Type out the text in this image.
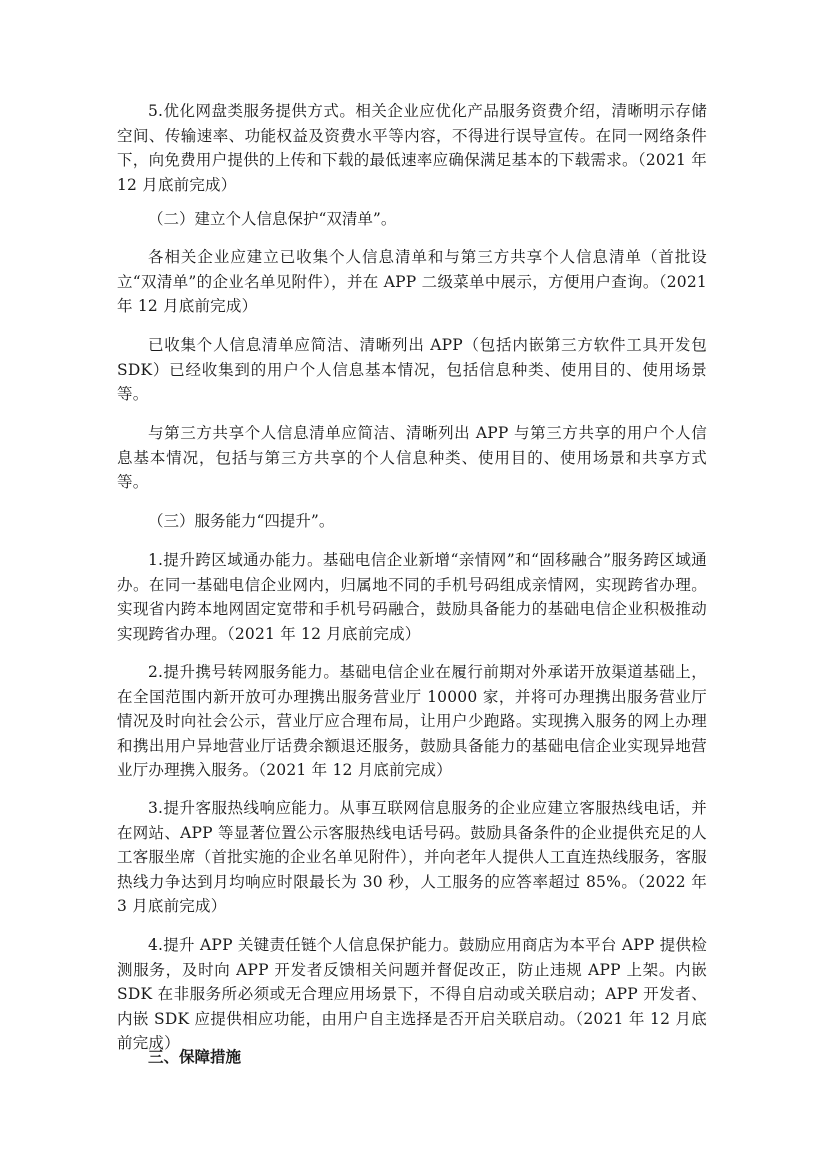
5.优化网盘类服务提供方式。相关企业应优化产品服务资费介绍，清晰明示存储空间、传输速率、功能权益及资费水平等内容，不得进行误导宣传。在同一网络条件下，向免费用户提供的上传和下载的最低速率应确保满足基本的下载需求。（2021 年 12 月底前完成）

（二）建立个人信息保护“双清单”。

各相关企业应建立已收集个人信息清单和与第三方共享个人信息清单（首批设立“双清单”的企业名单见附件），并在 APP 二级菜单中展示，方便用户查询。（2021 年 12 月底前完成）

已收集个人信息清单应简洁、清晰列出 APP（包括内嵌第三方软件工具开发包 SDK）已经收集到的用户个人信息基本情况，包括信息种类、使用目的、使用场景等。

与第三方共享个人信息清单应简洁、清晰列出 APP 与第三方共享的用户个人信息基本情况，包括与第三方共享的个人信息种类、使用目的、使用场景和共享方式等。

（三）服务能力“四提升”。

1.提升跨区域通办能力。基础电信企业新增“亲情网”和“固移融合”服务跨区域通办。在同一基础电信企业网内，归属地不同的手机号码组成亲情网，实现跨省办理。实现省内跨本地网固定宽带和手机号码融合，鼓励具备能力的基础电信企业积极推动实现跨省办理。（2021 年 12 月底前完成）

2.提升携号转网服务能力。基础电信企业在履行前期对外承诺开放渠道基础上，在全国范围内新开放可办理携出服务营业厅 10000 家，并将可办理携出服务营业厅情况及时向社会公示，营业厅应合理布局，让用户少跑路。实现携入服务的网上办理和携出用户异地营业厅话费余额退还服务，鼓励具备能力的基础电信企业实现异地营业厅办理携入服务。（2021 年 12 月底前完成）

3.提升客服热线响应能力。从事互联网信息服务的企业应建立客服热线电话，并在网站、APP 等显著位置公示客服热线电话号码。鼓励具备条件的企业提供充足的人工客服坐席（首批实施的企业名单见附件），并向老年人提供人工直连热线服务，客服热线力争达到月均响应时限最长为 30 秒，人工服务的应答率超过 85%。（2022 年 3 月底前完成）

4.提升 APP 关键责任链个人信息保护能力。鼓励应用商店为本平台 APP 提供检测服务，及时向 APP 开发者反馈相关问题并督促改正，防止违规 APP 上架。内嵌 SDK 在非服务所必须或无合理应用场景下，不得自启动或关联启动；APP 开发者、内嵌 SDK 应提供相应功能，由用户自主选择是否开启关联启动。（2021 年 12 月底前完成）

三、保障措施
